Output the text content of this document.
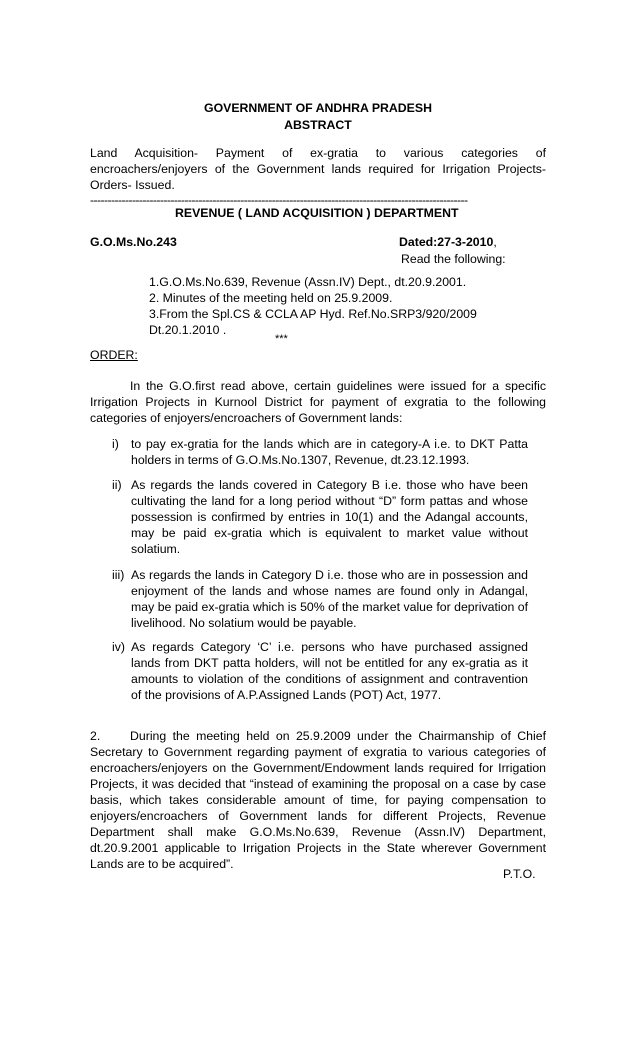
GOVERNMENT OF ANDHRA PRADESH
ABSTRACT
Land Acquisition- Payment of ex-gratia to various categories of encroachers/enjoyers of the Government lands required for Irrigation Projects- Orders- Issued.
------------------------------------------------------------------------------------------------------------
REVENUE ( LAND ACQUISITION ) DEPARTMENT
G.O.Ms.No.243	Dated:27-3-2010,
Read the following:

1.G.O.Ms.No.639, Revenue (Assn.IV) Dept., dt.20.9.2001.

2. Minutes of the meeting held on 25.9.2009.

3.From the Spl.CS & CCLA AP Hyd. Ref.No.SRP3/920/2009

Dt.20.1.2010 .

***
ORDER:
In the G.O.first read above, certain guidelines were issued for a specific Irrigation Projects in Kurnool District for payment of exgratia to the following categories of enjoyers/encroachers of Government lands:
i) to pay ex-gratia for the lands which are in category-A i.e. to DKT Patta holders in terms of G.O.Ms.No.1307, Revenue, dt.23.12.1993.
ii) As regards the lands covered in Category B i.e. those who have been cultivating the land for a long period without “D” form pattas and whose possession is confirmed by entries in 10(1) and the Adangal accounts, may be paid ex-gratia which is equivalent to market value without solatium.
iii) As regards the lands in Category D i.e. those who are in possession and enjoyment of the lands and whose names are found only in Adangal, may be paid ex-gratia which is 50% of the market value for deprivation of livelihood. No solatium would be payable.
iv) As regards Category ‘C’ i.e. persons who have purchased assigned lands from DKT patta holders, will not be entitled for any ex-gratia as it amounts to violation of the conditions of assignment and contravention of the provisions of A.P.Assigned Lands (POT) Act, 1977.
2.	During the meeting held on 25.9.2009 under the Chairmanship of Chief Secretary to Government regarding payment of exgratia to various categories of encroachers/enjoyers on the Government/Endowment lands required for Irrigation Projects, it was decided that “instead of examining the proposal on a case by case basis, which takes considerable amount of time, for paying compensation to enjoyers/encroachers of Government lands for different Projects, Revenue Department shall make G.O.Ms.No.639, Revenue (Assn.IV) Department, dt.20.9.2001 applicable to Irrigation Projects in the State wherever Government Lands are to be acquired”.
P.T.O.
